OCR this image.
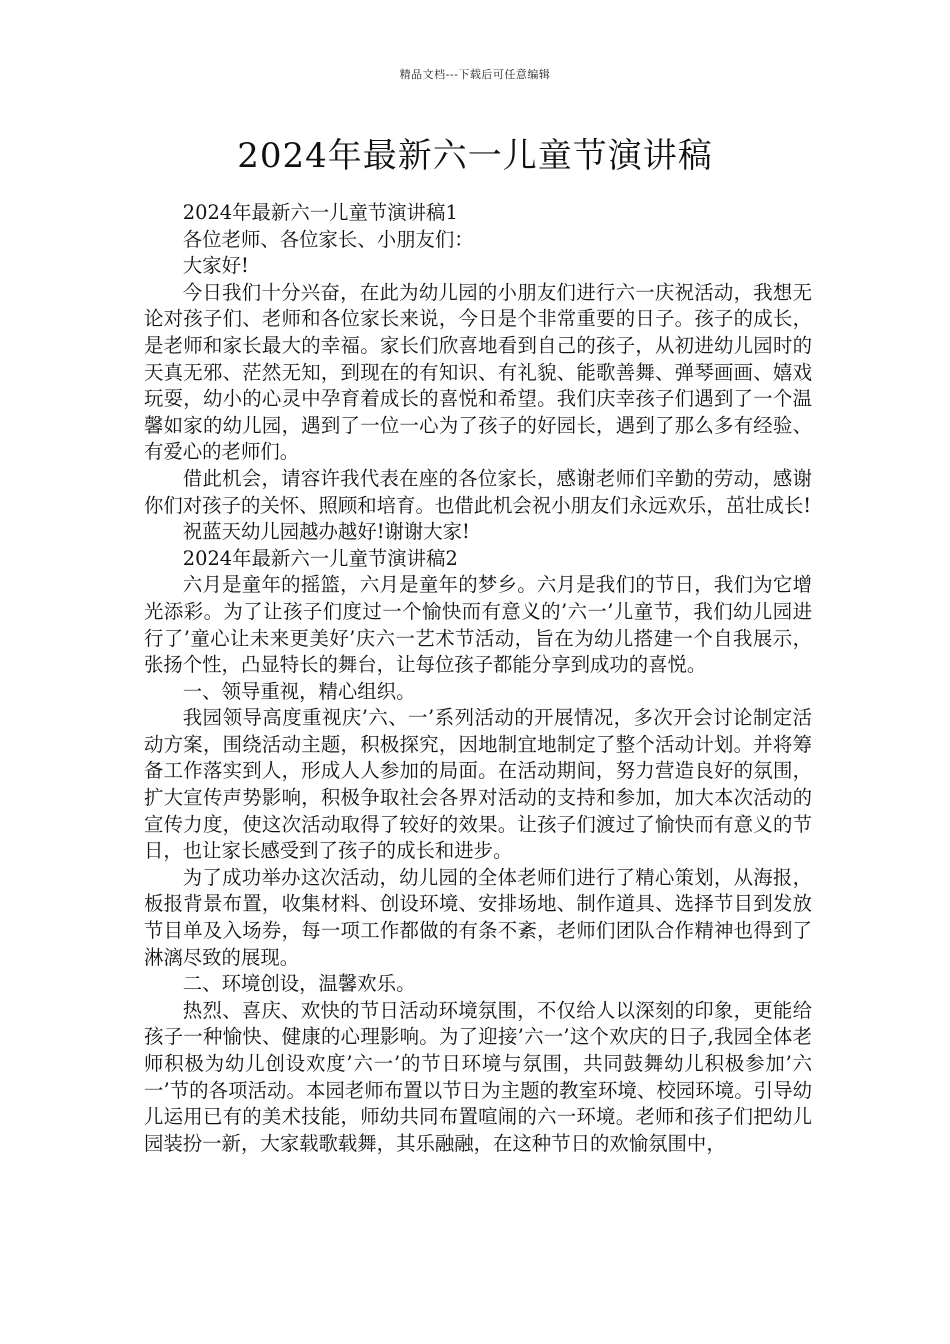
精品文档---下载后可任意编辑
2024年最新六一儿童节演讲稿

2024年最新六一儿童节演讲稿1

各位老师、各位家长、小朋友们：

大家好!

今日我们十分兴奋，在此为幼儿园的小朋友们进行六一庆祝活动，我想无论对孩子们、老师和各位家长来说，今日是个非常重要的日子。孩子的成长，是老师和家长最大的幸福。家长们欣喜地看到自己的孩子，从初进幼儿园时的天真无邪、茫然无知，到现在的有知识、有礼貌、能歌善舞、弹琴画画、嬉戏玩耍，幼小的心灵中孕育着成长的喜悦和希望。我们庆幸孩子们遇到了一个温馨如家的幼儿园，遇到了一位一心为了孩子的好园长，遇到了那么多有经验、有爱心的老师们。

借此机会，请容许我代表在座的各位家长，感谢老师们辛勤的劳动，感谢你们对孩子的关怀、照顾和培育。也借此机会祝小朋友们永远欢乐，茁壮成长!

祝蓝天幼儿园越办越好!谢谢大家!

2024年最新六一儿童节演讲稿2

六月是童年的摇篮，六月是童年的梦乡。六月是我们的节日，我们为它增光添彩。为了让孩子们度过一个愉快而有意义的’六一’儿童节，我们幼儿园进行了’童心让未来更美好’庆六一艺术节活动，旨在为幼儿搭建一个自我展示，张扬个性，凸显特长的舞台，让每位孩子都能分享到成功的喜悦。

一、领导重视，精心组织。

我园领导高度重视庆’六、一’系列活动的开展情况，多次开会讨论制定活动方案，围绕活动主题，积极探究，因地制宜地制定了整个活动计划。并将筹备工作落实到人，形成人人参加的局面。在活动期间，努力营造良好的氛围，扩大宣传声势影响，积极争取社会各界对活动的支持和参加，加大本次活动的宣传力度，使这次活动取得了较好的效果。让孩子们渡过了愉快而有意义的节日，也让家长感受到了孩子的成长和进步。

为了成功举办这次活动，幼儿园的全体老师们进行了精心策划，从海报，板报背景布置，收集材料、创设环境、安排场地、制作道具、选择节目到发放节目单及入场券，每一项工作都做的有条不紊，老师们团队合作精神也得到了淋漓尽致的展现。

二、环境创设，温馨欢乐。

热烈、喜庆、欢快的节日活动环境氛围，不仅给人以深刻的印象，更能给孩子一种愉快、健康的心理影响。为了迎接’六一’这个欢庆的日子,我园全体老师积极为幼儿创设欢度’六一’的节日环境与氛围，共同鼓舞幼儿积极参加’六一’节的各项活动。本园老师布置以节日为主题的教室环境、校园环境。引导幼儿运用已有的美术技能，师幼共同布置喧闹的六一环境。老师和孩子们把幼儿园装扮一新，大家载歌载舞，其乐融融，在这种节日的欢愉氛围中，
